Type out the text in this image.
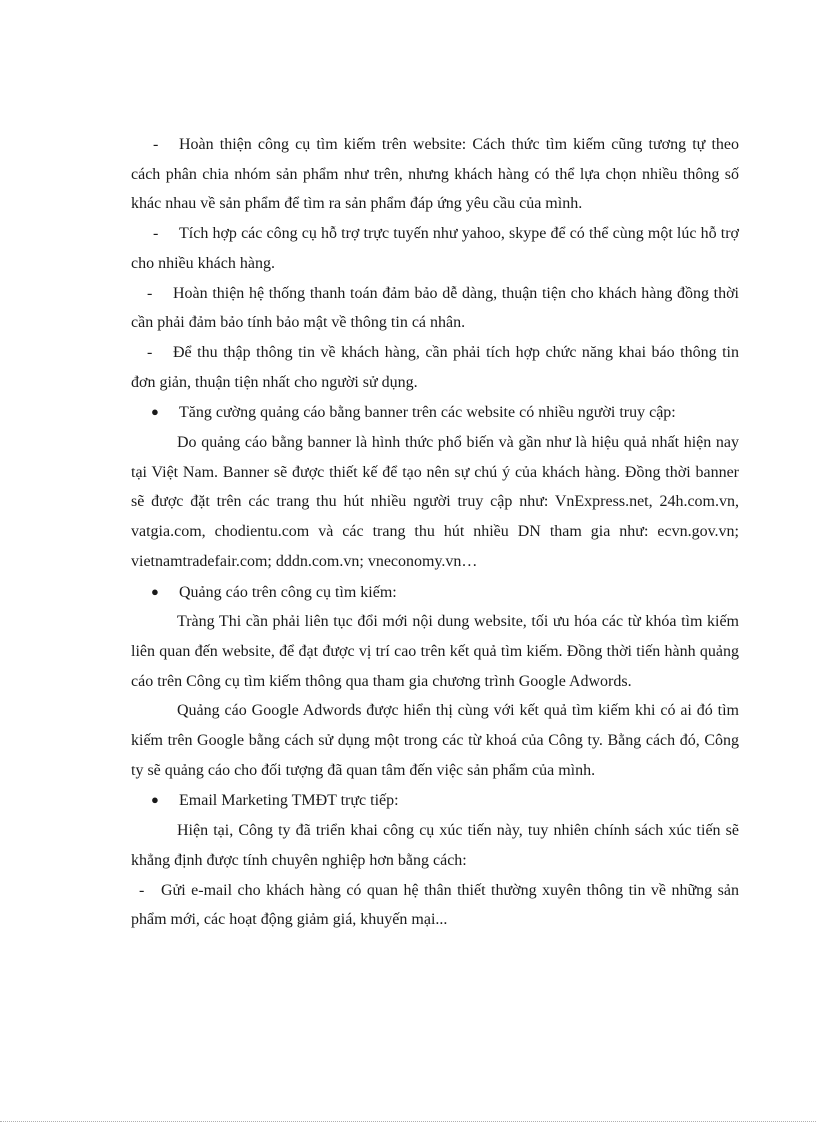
- Hoàn thiện công cụ tìm kiếm trên website: Cách thức tìm kiếm cũng tương tự theo cách phân chia nhóm sản phẩm như trên, nhưng khách hàng có thể lựa chọn nhiều thông số khác nhau về sản phẩm để tìm ra sản phẩm đáp ứng yêu cầu của mình.

- Tích hợp các công cụ hỗ trợ trực tuyến như yahoo, skype để có thể cùng một lúc hỗ trợ cho nhiều khách hàng.

- Hoàn thiện hệ thống thanh toán đảm bảo dễ dàng, thuận tiện cho khách hàng đồng thời cần phải đảm bảo tính bảo mật về thông tin cá nhân.

- Để thu thập thông tin về khách hàng, cần phải tích hợp chức năng khai báo thông tin đơn giản, thuận tiện nhất cho người sử dụng.

● Tăng cường quảng cáo bằng banner trên các website có nhiều người truy cập:

Do quảng cáo bằng banner là hình thức phổ biến và gần như là hiệu quả nhất hiện nay tại Việt Nam. Banner sẽ được thiết kế để tạo nên sự chú ý của khách hàng. Đồng thời banner sẽ được đặt trên các trang thu hút nhiều người truy cập như: VnExpress.net, 24h.com.vn, vatgia.com, chodientu.com và các trang thu hút nhiều DN tham gia như: ecvn.gov.vn; vietnamtradefair.com; dddn.com.vn; vneconomy.vn…

● Quảng cáo trên công cụ tìm kiếm:

Tràng Thi cần phải liên tục đổi mới nội dung website, tối ưu hóa các từ khóa tìm kiếm liên quan đến website, để đạt được vị trí cao trên kết quả tìm kiếm. Đồng thời tiến hành quảng cáo trên Công cụ tìm kiếm thông qua tham gia chương trình Google Adwords.

Quảng cáo Google Adwords được hiển thị cùng với kết quả tìm kiếm khi có ai đó tìm kiếm trên Google bằng cách sử dụng một trong các từ khoá của Công ty. Bằng cách đó, Công ty sẽ quảng cáo cho đối tượng đã quan tâm đến việc sản phẩm của mình.

● Email Marketing TMĐT trực tiếp:

Hiện tại, Công ty đã triển khai công cụ xúc tiến này, tuy nhiên chính sách xúc tiến sẽ khẳng định được tính chuyên nghiệp hơn bằng cách:

- Gửi e-mail cho khách hàng có quan hệ thân thiết thường xuyên thông tin về những sản phẩm mới, các hoạt động giảm giá, khuyến mại...
